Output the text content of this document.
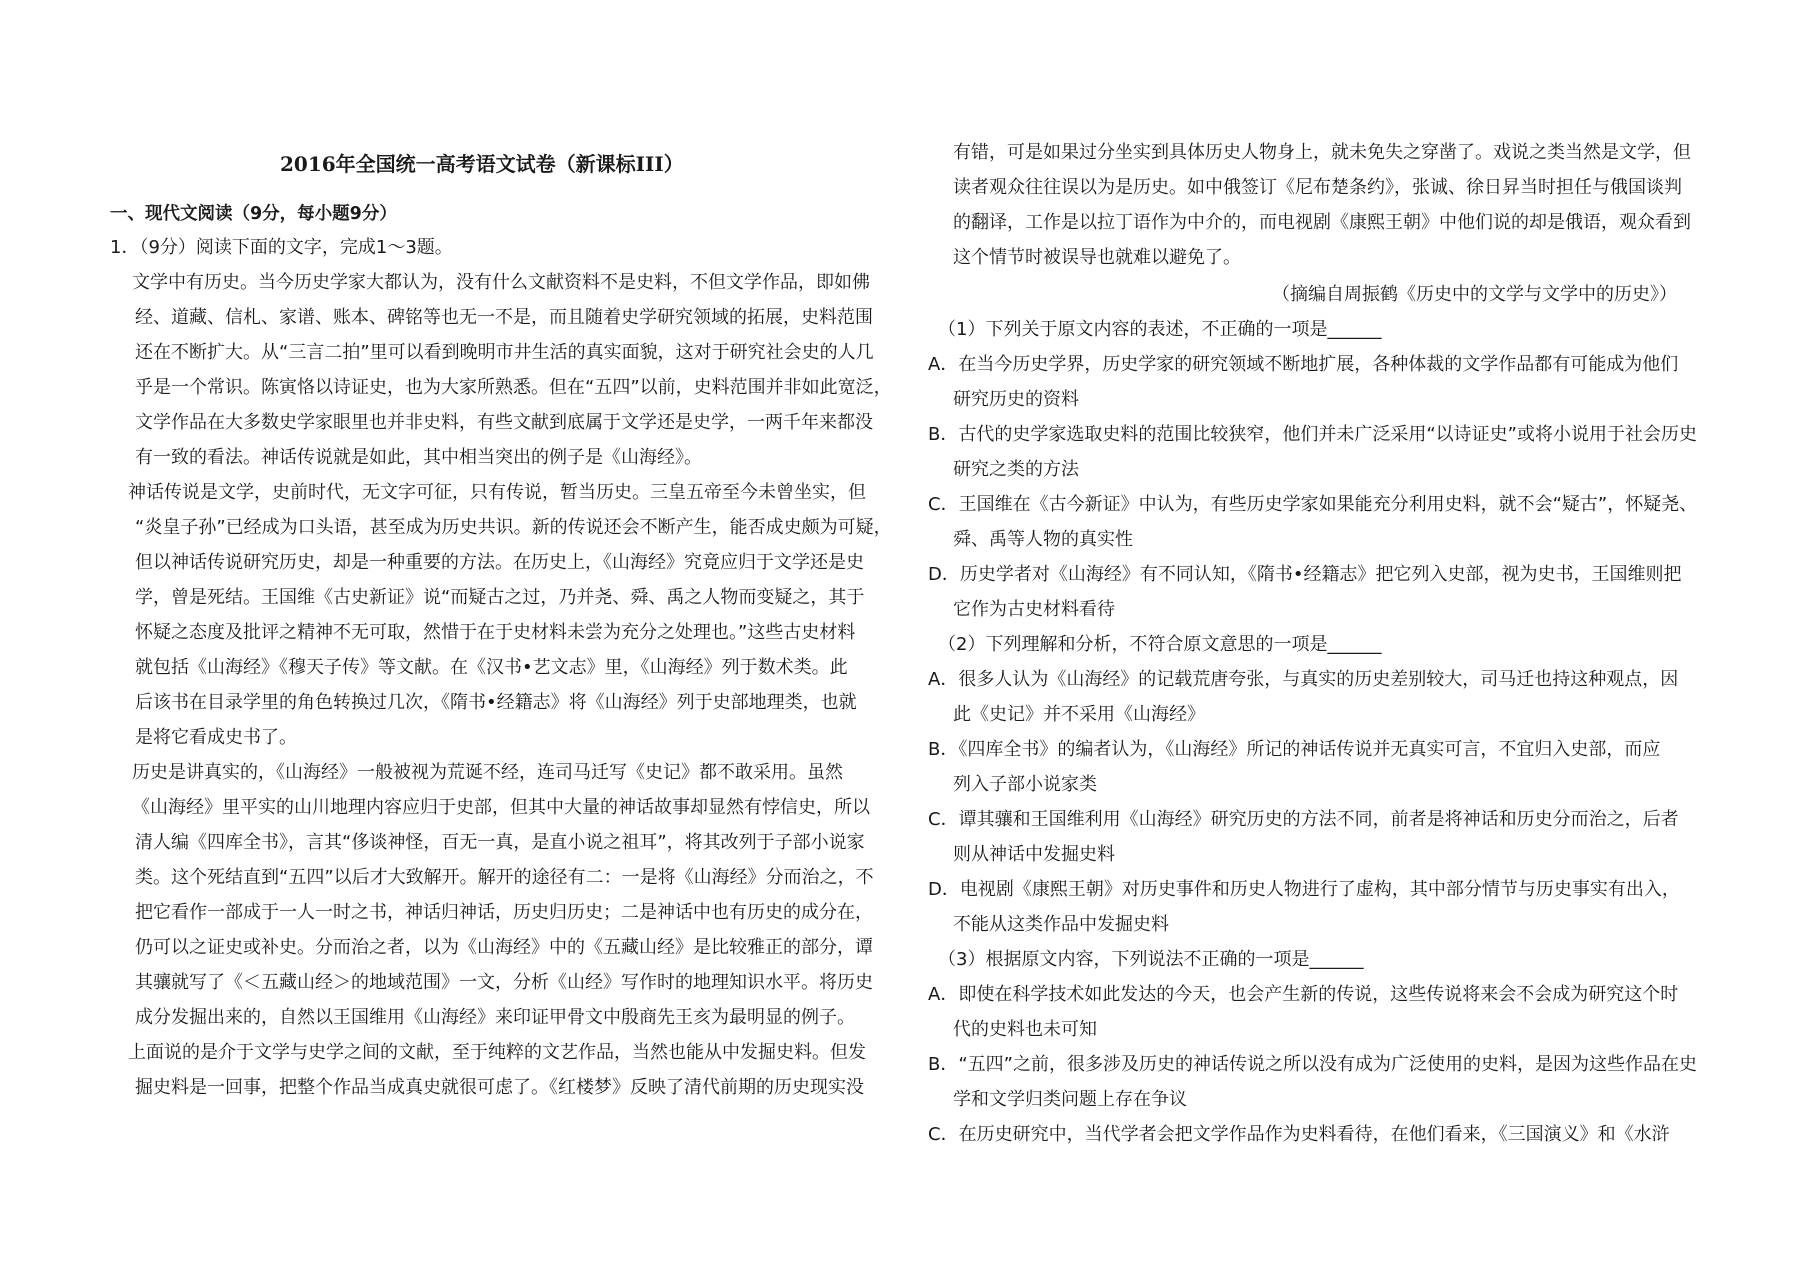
2016年全国统一高考语文试卷（新课标III）
一、现代文阅读（9分，每小题9分）
1．（9分）阅读下面的文字，完成1～3题。
文学中有历史。当今历史学家大都认为，没有什么文献资料不是史料，不但文学作品，即如佛
经、道藏、信札、家谱、账本、碑铭等也无一不是，而且随着史学研究领域的拓展，史料范围
还在不断扩大。从“三言二拍”里可以看到晚明市井生活的真实面貌，这对于研究社会史的人几
乎是一个常识。陈寅恪以诗证史，也为大家所熟悉。但在“五四”以前，史料范围并非如此宽泛，
文学作品在大多数史学家眼里也并非史料，有些文献到底属于文学还是史学，一两千年来都没
有一致的看法。神话传说就是如此，其中相当突出的例子是《山海经》。
神话传说是文学，史前时代，无文字可征，只有传说，暂当历史。三皇五帝至今未曾坐实，但
“炎皇子孙”已经成为口头语，甚至成为历史共识。新的传说还会不断产生，能否成史颇为可疑，
但以神话传说研究历史，却是一种重要的方法。在历史上，《山海经》究竟应归于文学还是史
学，曾是死结。王国维《古史新证》说“而疑古之过，乃并尧、舜、禹之人物而变疑之，其于
怀疑之态度及批评之精神不无可取，然惜于在于史材料未尝为充分之处理也。”这些古史材料
就包括《山海经》《穆天子传》等文献。在《汉书•艺文志》里，《山海经》列于数术类。此
后该书在目录学里的角色转换过几次，《隋书•经籍志》将《山海经》列于史部地理类，也就
是将它看成史书了。
历史是讲真实的，《山海经》一般被视为荒诞不经，连司马迁写《史记》都不敢采用。虽然
《山海经》里平实的山川地理内容应归于史部，但其中大量的神话故事却显然有悖信史，所以
清人编《四库全书》，言其“侈谈神怪，百无一真，是直小说之祖耳”，将其改列于子部小说家
类。这个死结直到“五四”以后才大致解开。解开的途径有二：一是将《山海经》分而治之，不
把它看作一部成于一人一时之书，神话归神话，历史归历史；二是神话中也有历史的成分在，
仍可以之证史或补史。分而治之者，以为《山海经》中的《五藏山经》是比较雅正的部分，谭
其骧就写了《＜五藏山经＞的地域范围》一文，分析《山经》写作时的地理知识水平。将历史
成分发掘出来的，自然以王国维用《山海经》来印证甲骨文中殷商先王亥为最明显的例子。
上面说的是介于文学与史学之间的文献，至于纯粹的文艺作品，当然也能从中发掘史料。但发
掘史料是一回事，把整个作品当成真史就很可虑了。《红楼梦》反映了清代前期的历史现实没
有错，可是如果过分坐实到具体历史人物身上，就未免失之穿凿了。戏说之类当然是文学，但
读者观众往往误以为是历史。如中俄签订《尼布楚条约》，张诚、徐日昇当时担任与俄国谈判
的翻译，工作是以拉丁语作为中介的，而电视剧《康熙王朝》中他们说的却是俄语，观众看到
这个情节时被误导也就难以避免了。
（摘编自周振鹤《历史中的文学与文学中的历史》）
（1）下列关于原文内容的表述，不正确的一项是______
A．在当今历史学界，历史学家的研究领域不断地扩展，各种体裁的文学作品都有可能成为他们
研究历史的资料
B．古代的史学家选取史料的范围比较狭窄，他们并未广泛采用“以诗证史”或将小说用于社会历史
研究之类的方法
C．王国维在《古今新证》中认为，有些历史学家如果能充分利用史料，就不会“疑古”，怀疑尧、
舜、禹等人物的真实性
D．历史学者对《山海经》有不同认知，《隋书•经籍志》把它列入史部，视为史书，王国维则把
它作为古史材料看待
（2）下列理解和分析，不符合原文意思的一项是______
A．很多人认为《山海经》的记载荒唐夸张，与真实的历史差别较大，司马迁也持这种观点，因
此《史记》并不采用《山海经》
B．《四库全书》的编者认为，《山海经》所记的神话传说并无真实可言，不宜归入史部，而应
列入子部小说家类
C．谭其骧和王国维利用《山海经》研究历史的方法不同，前者是将神话和历史分而治之，后者
则从神话中发掘史料
D．电视剧《康熙王朝》对历史事件和历史人物进行了虚构，其中部分情节与历史事实有出入，
不能从这类作品中发掘史料
（3）根据原文内容，下列说法不正确的一项是______
A．即使在科学技术如此发达的今天，也会产生新的传说，这些传说将来会不会成为研究这个时
代的史料也未可知
B．“五四”之前，很多涉及历史的神话传说之所以没有成为广泛使用的史料，是因为这些作品在史
学和文学归类问题上存在争议
C．在历史研究中，当代学者会把文学作品作为史料看待，在他们看来，《三国演义》和《水浒
